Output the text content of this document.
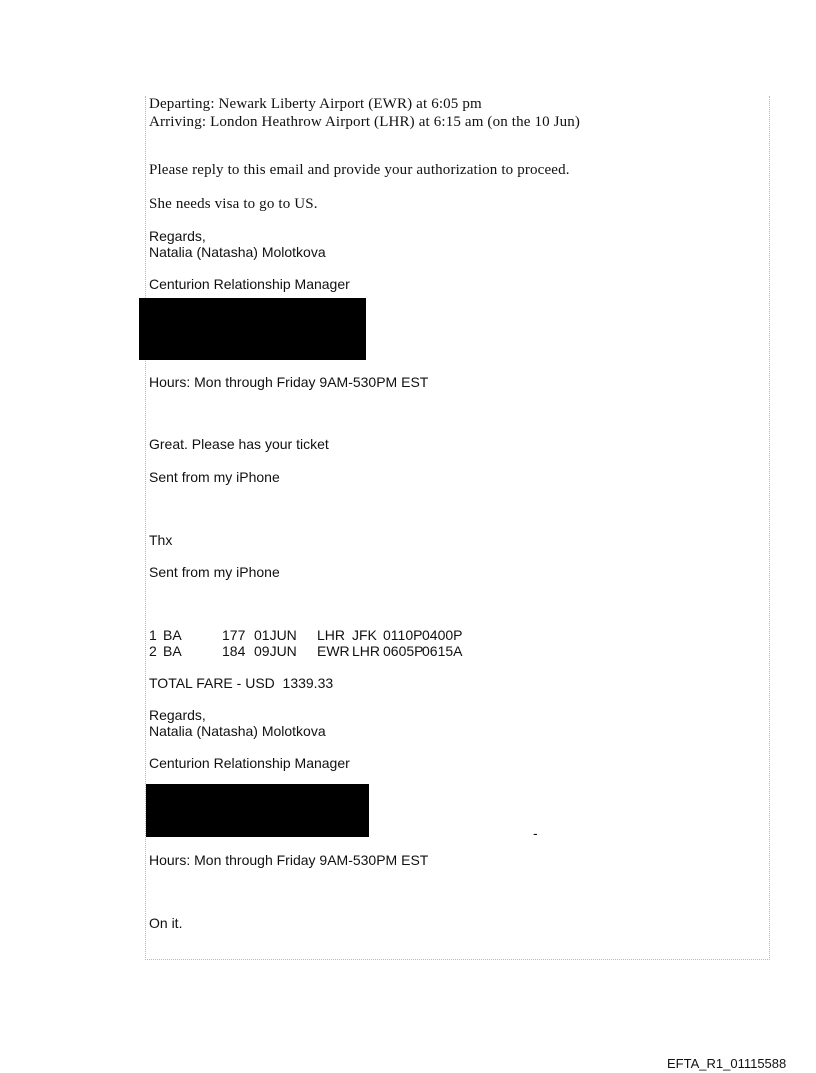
Departing: Newark Liberty Airport (EWR) at 6:05 pm

Arriving: London Heathrow Airport (LHR) at 6:15 am (on the 10 Jun)

Please reply to this email and provide your authorization to proceed.

She needs visa to go to US.

Regards,

Natalia (Natasha) Molotkova

Centurion Relationship Manager

Hours: Mon through Friday 9AM-530PM EST

Great. Please has your ticket

Sent from my iPhone

Thx

Sent from my iPhone

1 BA	177 01JUN LHR JFK 0110P 0400P
2 BA	184 09JUN EWR LHR 0605P
0615A

TOTAL FARE - USD  1339.33

Regards,

Natalia (Natasha) Molotkova

Centurion Relationship Manager

-

Hours: Mon through Friday 9AM-530PM EST

On it.

EFTA_R1_01115588
